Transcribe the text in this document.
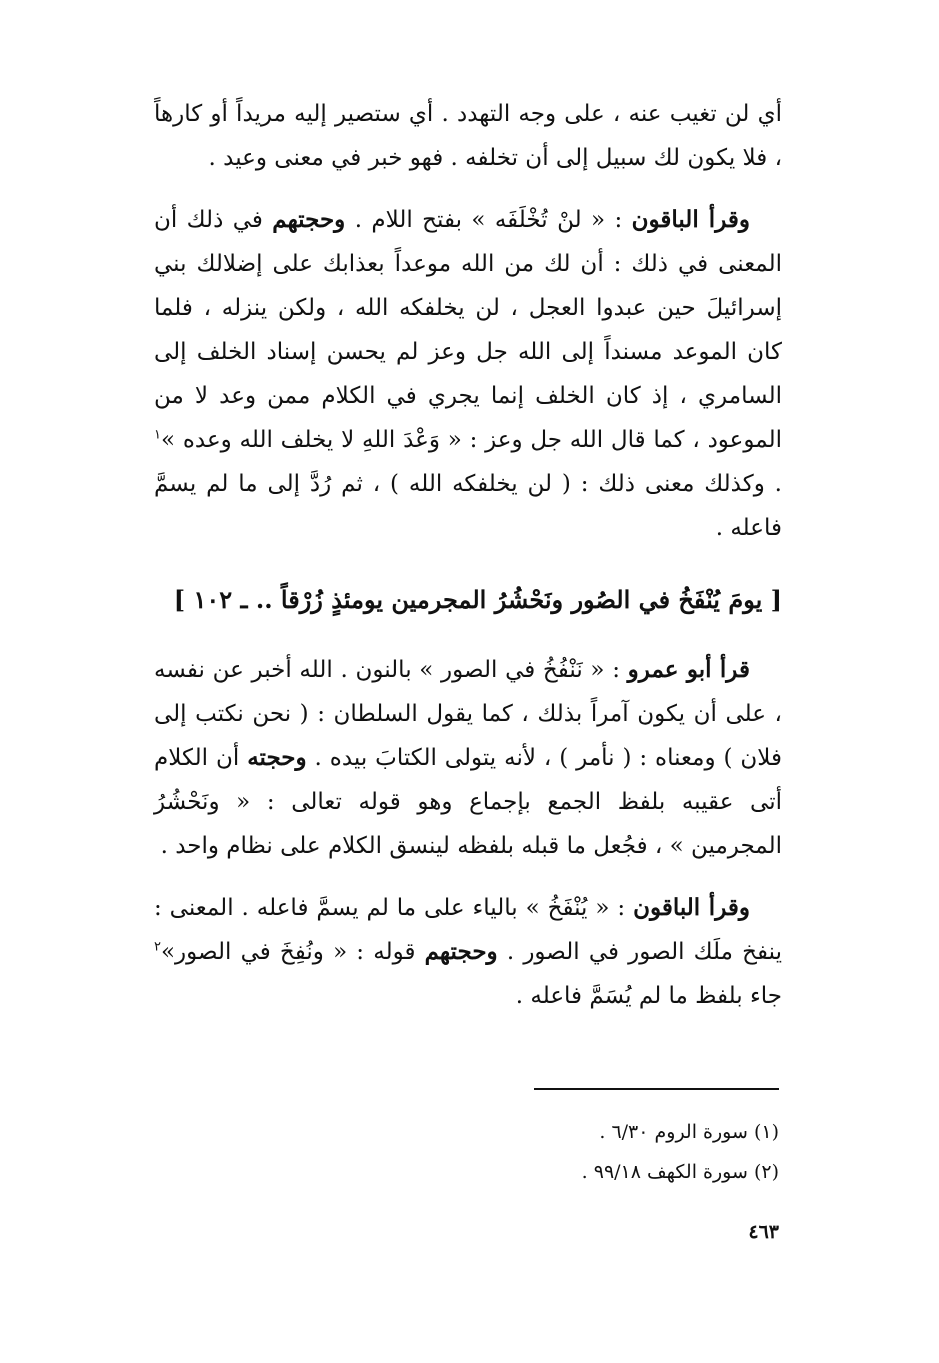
أي لن تغيب عنه ، على وجه التهدد . أي ستصير إليه مريداً أو كارهاً ، فلا يكون لك سبيل إلى أن تخلفه . فهو خبر في معنى وعيد .

وقرأ الباقون : « لنْ تُخْلَفَه » بفتح اللام . وحجتهم في ذلك أن المعنى في ذلك : أن لك من الله موعداً بعذابك على إضلالك بني إسرائيلَ حين عبدوا العجل ، لن يخلفكه الله ، ولكن ينزله ، فلما كان الموعد مسنداً إلى الله جل وعز لم يحسن إسناد الخلف إلى السامري ، إذ كان الخلف إنما يجري في الكلام ممن وعد لا من الموعود ، كما قال الله جل وعز : « وَعْدَ اللهِ لا يخلف الله وعده »$^١$ . وكذلك معنى ذلك : ( لن يخلفكه الله ) ، ثم رُدَّ إلى ما لم يسمَّ فاعله .

[ يومَ يُنْفَخُ في الصُور ونَحْشُرُ المجرمين يومئذٍ زُرْقاً .. ـ ١٠٢ ]

قرأ أبو عمرو : « نَنْفُخُ في الصور » بالنون . الله أخبر عن نفسه ، على أن يكون آمراً بذلك ، كما يقول السلطان : ( نحن نكتب إلى فلان ) ومعناه : ( نأمر ) ، لأنه يتولى الكتابَ بيده . وحجته أن الكلام أتى عقيبه بلفظ الجمع بإجماع وهو قوله تعالى : « ونَحْشُرُ المجرمين » ، فجُعل ما قبله بلفظه لينسق الكلام على نظام واحد .

وقرأ الباقون : « يُنْفَخُ » بالياء على ما لم يسمَّ فاعله . المعنى : ينفخ ملَك الصور في الصور . وحجتهم قوله : « ونُفِخَ في الصور»$^٢$ جاء بلفظ ما لم يُسَمَّ فاعله .

(١) سورة الروم ٦/٣٠ .
(٢) سورة الكهف ٩٩/١٨ .
٤٦٣
